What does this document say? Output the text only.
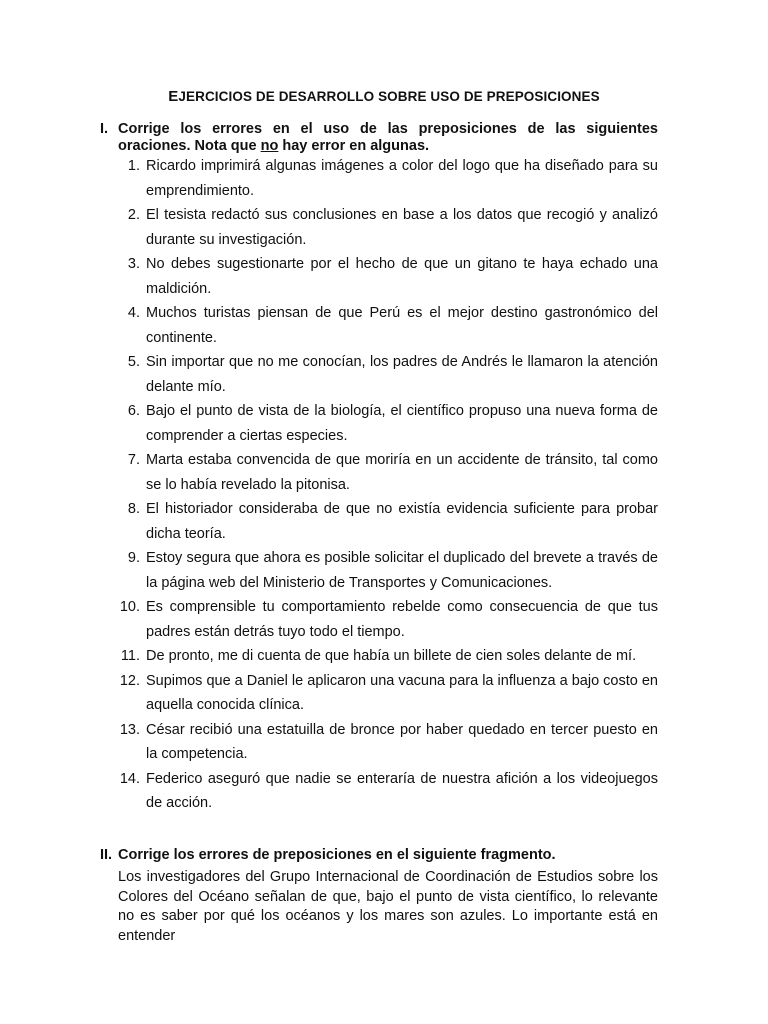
EJERCICIOS DE DESARROLLO SOBRE USO DE PREPOSICIONES
I. Corrige los errores en el uso de las preposiciones de las siguientes oraciones. Nota que no hay error en algunas.
1. Ricardo imprimirá algunas imágenes a color del logo que ha diseñado para su emprendimiento.
2. El tesista redactó sus conclusiones en base a los datos que recogió y analizó durante su investigación.
3. No debes sugestionarte por el hecho de que un gitano te haya echado una maldición.
4. Muchos turistas piensan de que Perú es el mejor destino gastronómico del continente.
5. Sin importar que no me conocían, los padres de Andrés le llamaron la atención delante mío.
6. Bajo el punto de vista de la biología, el científico propuso una nueva forma de comprender a ciertas especies.
7. Marta estaba convencida de que moriría en un accidente de tránsito, tal como se lo había revelado la pitonisa.
8. El historiador consideraba de que no existía evidencia suficiente para probar dicha teoría.
9. Estoy segura que ahora es posible solicitar el duplicado del brevete a través de la página web del Ministerio de Transportes y Comunicaciones.
10. Es comprensible tu comportamiento rebelde como consecuencia de que tus padres están detrás tuyo todo el tiempo.
11. De pronto, me di cuenta de que había un billete de cien soles delante de mí.
12. Supimos que a Daniel le aplicaron una vacuna para la influenza a bajo costo en aquella conocida clínica.
13. César recibió una estatuilla de bronce por haber quedado en tercer puesto en la competencia.
14. Federico aseguró que nadie se enteraría de nuestra afición a los videojuegos de acción.
II. Corrige los errores de preposiciones en el siguiente fragmento.

Los investigadores del Grupo Internacional de Coordinación de Estudios sobre los Colores del Océano señalan de que, bajo el punto de vista científico, lo relevante no es saber por qué los océanos y los mares son azules. Lo importante está en entender
